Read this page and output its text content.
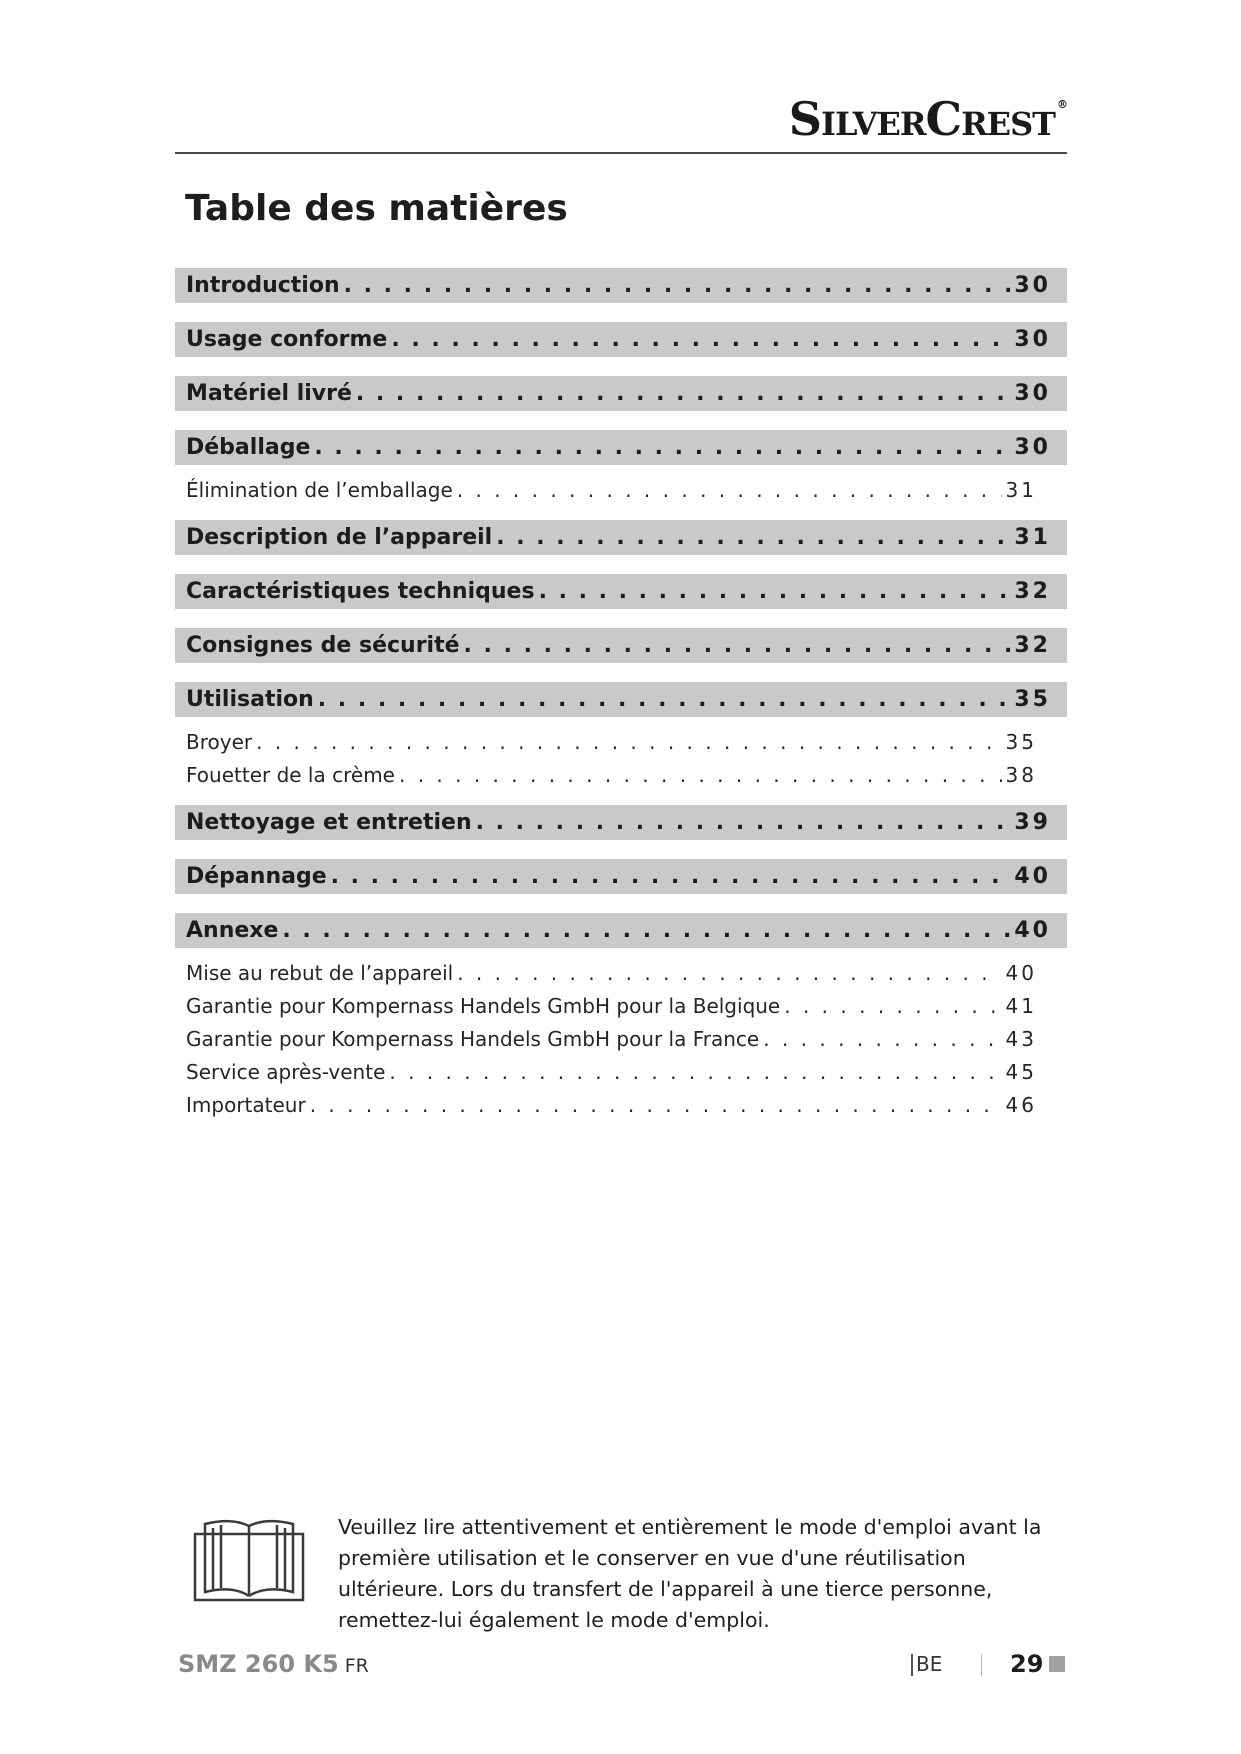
SilverCrest ®
Table des matières
Introduction . . .	30
Usage conforme . . .	30
Matériel livré . . .	30
Déballage . . .	30
Élimination de l’emballage . . .	31
Description de l’appareil . . .	31
Caractéristiques techniques . . .	32
Consignes de sécurité . . .	32
Utilisation . . .	35
Broyer . . .	35
Fouetter de la crème . . .	38
Nettoyage et entretien . . .	39
Dépannage . . .	40
Annexe . . .	40
Mise au rebut de l’appareil . . .	40
Garantie pour Kompernass Handels GmbH pour la Belgique . . .	41
Garantie pour Kompernass Handels GmbH pour la France . . .	43
Service après-vente . . .	45
Importateur . . .	46

Veuillez lire attentivement et entièrement le mode d'emploi avant la première utilisation et le conserver en vue d'une réutilisation ultérieure. Lors du transfert de l'appareil à une tierce personne, remettez-lui également le mode d'emploi.

SMZ 260 K5 FR	BE	29
